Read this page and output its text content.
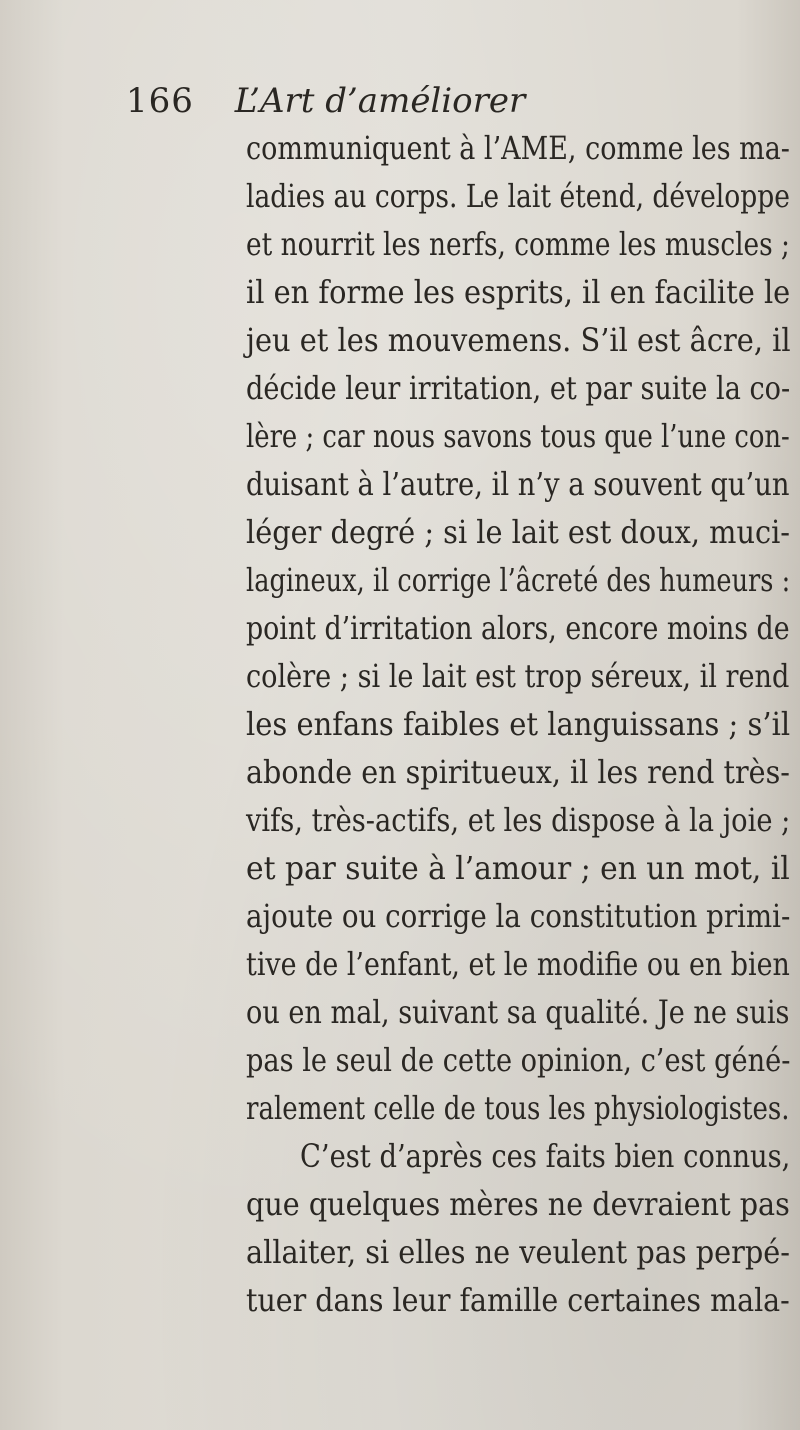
166 L’Art d’améliorer
communiquent à l’AME, comme les ma-
ladies au corps. Le lait étend, développe
et nourrit les nerfs, comme les muscles ;
il en forme les esprits, il en facilite le
jeu et les mouvemens. S’il est âcre, il
décide leur irritation, et par suite la co-
lère ; car nous savons tous que l’une con-
duisant à l’autre, il n’y a souvent qu’un
léger degré ; si le lait est doux, muci-
lagineux, il corrige l’âcreté des humeurs :
point d’irritation alors, encore moins de
colère ; si le lait est trop séreux, il rend
les enfans faibles et languissans ; s’il
abonde en spiritueux, il les rend très-
vifs, très-actifs, et les dispose à la joie ;
et par suite à l’amour ; en un mot, il
ajoute ou corrige la constitution primi-
tive de l’enfant, et le modifie ou en bien
ou en mal, suivant sa qualité. Je ne suis
pas le seul de cette opinion, c’est géné-
ralement celle de tous les physiologistes.
C’est d’après ces faits bien connus,
que quelques mères ne devraient pas
allaiter, si elles ne veulent pas perpé-
tuer dans leur famille certaines mala-
